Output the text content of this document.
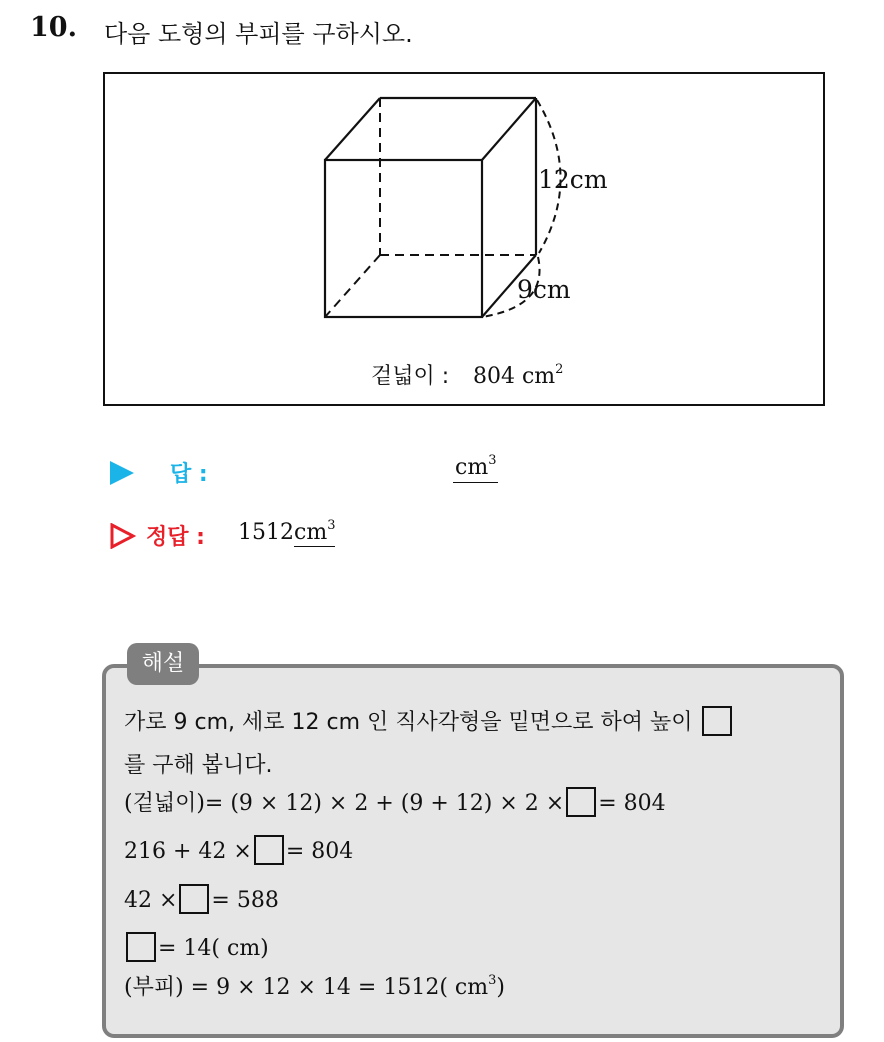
10. 다음 도형의 부피를 구하시오.
12cm
9cm
겉넓이 : 804 $cm^2$
답 :	$cm^3$
정답 : $1512cm^3$
해설
가로 9 cm, 세로 12 cm 인 직사각형을 밑면으로 하여 높이
를 구해 봅니다.
(겉넓이)= (9 × 12) × 2 + (9 + 12) × 2 × = 804
216 + 42 × = 804
42 × = 588
= 14( cm)
(부피) = 9 × 12 × 14 = 1512( $cm^3$)
